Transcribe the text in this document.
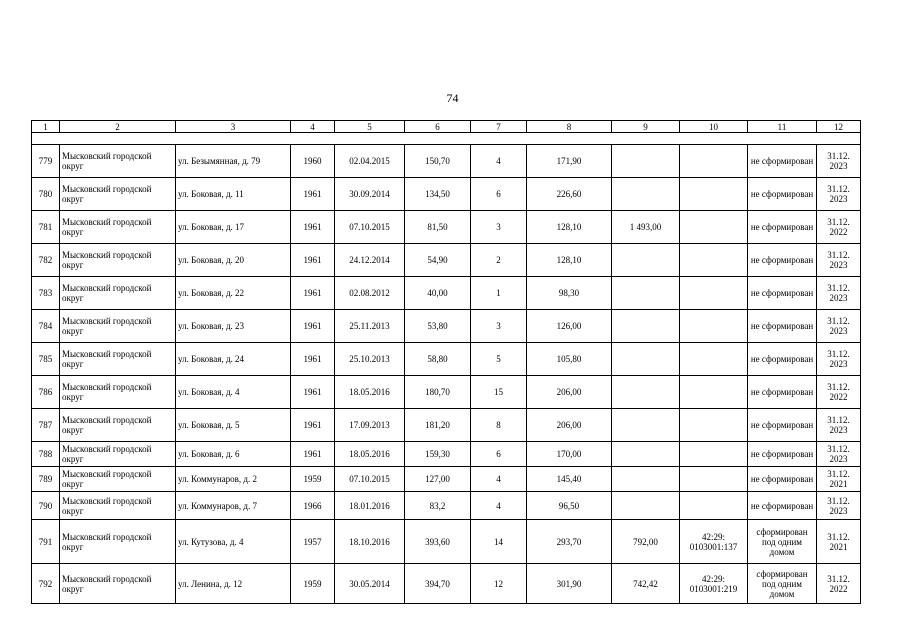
74
1	2	3	4	5	6	7	8	9	10	11	12

779	Мысковский городской округ	ул. Безымянная, д. 79	1960	02.04.2015	150,70	4	171,90			не сформирован	31.12. 2023
780	Мысковский городской округ	ул. Боковая, д. 11	1961	30.09.2014	134,50	6	226,60			не сформирован	31.12. 2023
781	Мысковский городской округ	ул. Боковая, д. 17	1961	07.10.2015	81,50	3	128,10	1 493,00		не сформирован	31.12. 2022
782	Мысковский городской округ	ул. Боковая, д. 20	1961	24.12.2014	54,90	2	128,10			не сформирован	31.12. 2023
783	Мысковский городской округ	ул. Боковая, д. 22	1961	02.08.2012	40,00	1	98,30			не сформирован	31.12. 2023
784	Мысковский городской округ	ул. Боковая, д. 23	1961	25.11.2013	53,80	3	126,00			не сформирован	31.12. 2023
785	Мысковский городской округ	ул. Боковая, д. 24	1961	25.10.2013	58,80	5	105,80			не сформирован	31.12. 2023
786	Мысковский городской округ	ул. Боковая, д. 4	1961	18.05.2016	180,70	15	206,00			не сформирован	31.12. 2022
787	Мысковский городской округ	ул. Боковая, д. 5	1961	17.09.2013	181,20	8	206,00			не сформирован	31.12. 2023
788	Мысковский городской округ	ул. Боковая, д. 6	1961	18.05.2016	159,30	6	170,00			не сформирован	31.12. 2023
789	Мысковский городской округ	ул. Коммунаров, д. 2	1959	07.10.2015	127,00	4	145,40			не сформирован	31.12. 2021
790	Мысковский городской округ	ул. Коммунаров, д. 7	1966	18.01.2016	83,2	4	96,50			не сформирован	31.12. 2023
791	Мысковский городской округ	ул. Кутузова, д. 4	1957	18.10.2016	393,60	14	293,70	792,00	42:29: 0103001:137	сформирован под одним домом	31.12. 2021
792	Мысковский городской округ	ул. Ленина, д. 12	1959	30.05.2014	394,70	12	301,90	742,42	42:29: 0103001:219	сформирован под одним домом	31.12. 2022
